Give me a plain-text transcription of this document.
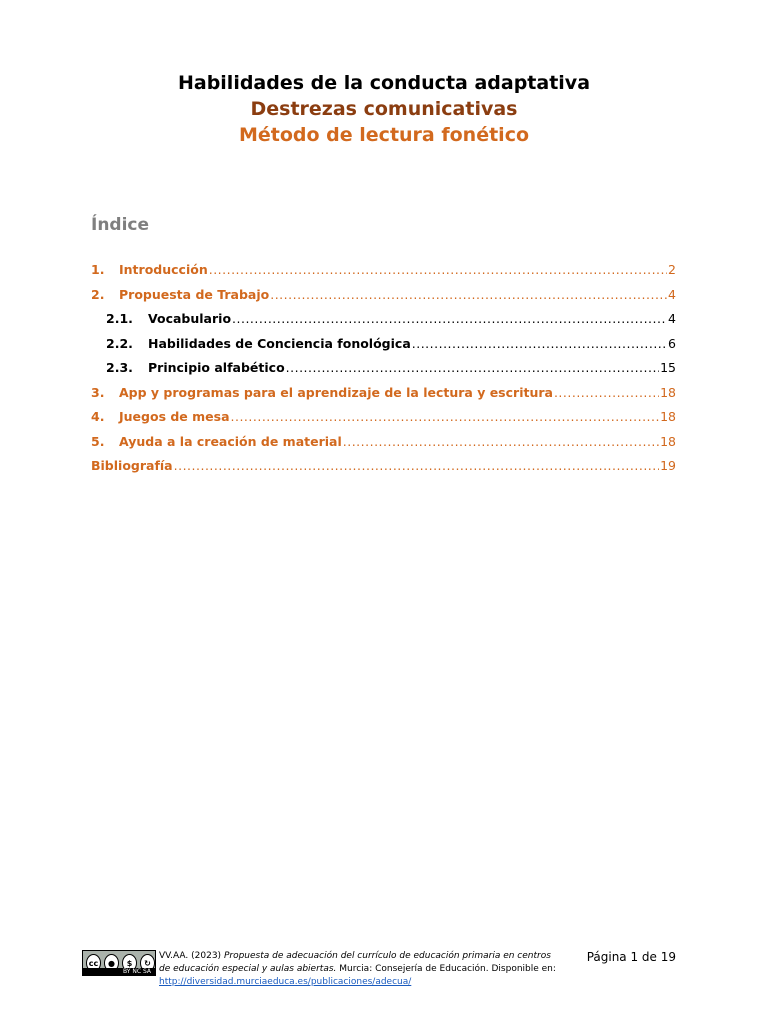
Habilidades de la conducta adaptativa
Destrezas comunicativas
Método de lectura fonético
Índice
1.	Introducción .....	2
2.	Propuesta de Trabajo .....	4
2.1.	Vocabulario .....	4
2.2.	Habilidades de Conciencia fonológica .....	6
2.3.	Principio alfabético .....	15
3.	App y programas para el aprendizaje de la lectura y escritura .....	18
4.	Juegos de mesa .....	18
5.	Ayuda a la creación de material .....	18
Bibliografía .....	19
cc	●	$	↻
BY NC SA
VV.AA. (2023) Propuesta de adecuación del currículo de educación primaria en centros de educación especial y aulas abiertas. Murcia: Consejería de Educación. Disponible en:
http://diversidad.murciaeduca.es/publicaciones/adecua/
Página 1 de 19
